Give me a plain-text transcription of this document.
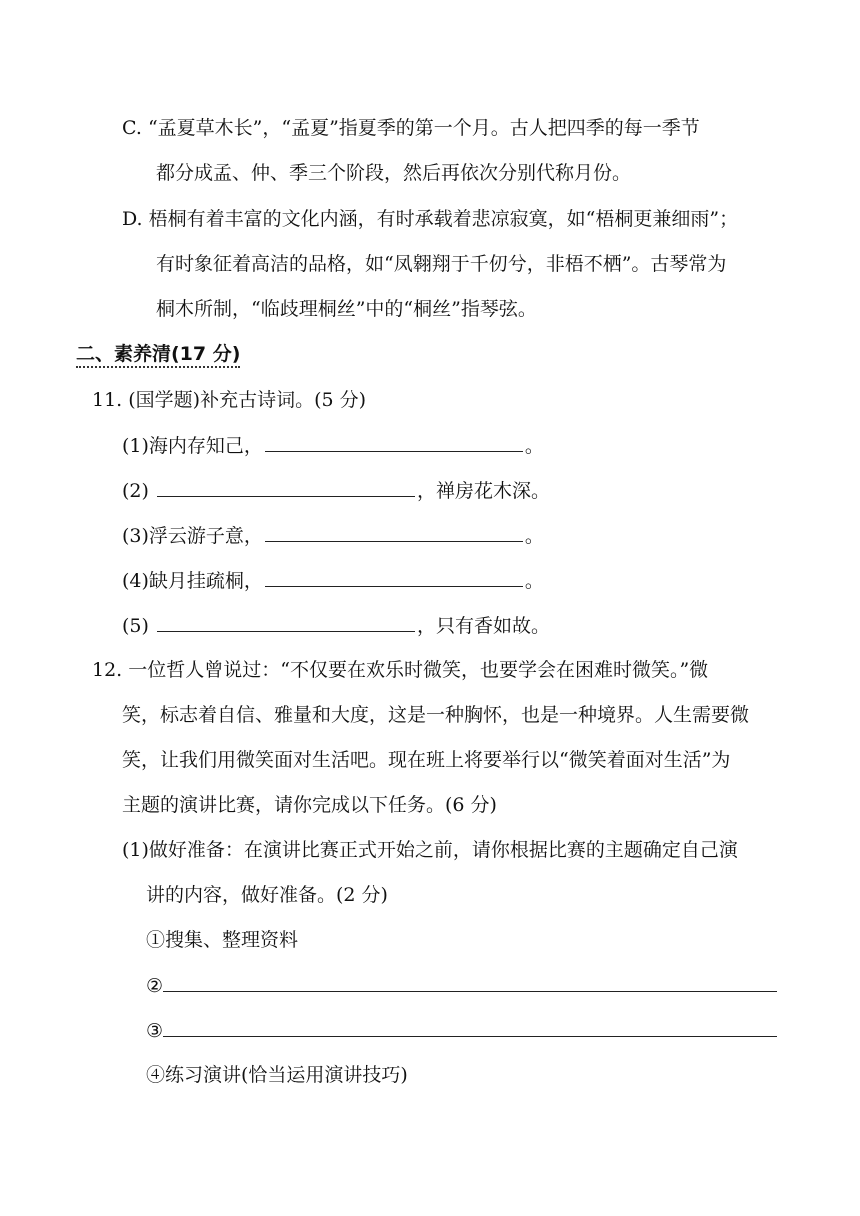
C. “孟夏草木长”，“孟夏”指夏季的第一个月。古人把四季的每一季节
都分成孟、仲、季三个阶段，然后再依次分别代称月份。
D. 梧桐有着丰富的文化内涵，有时承载着悲凉寂寞，如“梧桐更兼细雨”；
有时象征着高洁的品格，如“凤翱翔于千仞兮，非梧不栖”。古琴常为
桐木所制，“临歧理桐丝”中的“桐丝”指琴弦。
二、素养清(17 分)
11. (国学题)补充古诗词。(5 分)
(1)海内存知己，	。
(2)	，禅房花木深。
(3)浮云游子意，	。
(4)缺月挂疏桐，	。
(5)	，只有香如故。
12. 一位哲人曾说过：“不仅要在欢乐时微笑，也要学会在困难时微笑。”微
笑，标志着自信、雅量和大度，这是一种胸怀，也是一种境界。人生需要微
笑，让我们用微笑面对生活吧。现在班上将要举行以“微笑着面对生活”为
主题的演讲比赛，请你完成以下任务。(6 分)
(1)做好准备：在演讲比赛正式开始之前，请你根据比赛的主题确定自己演
讲的内容，做好准备。(2 分)
①搜集、整理资料
②
③
④练习演讲(恰当运用演讲技巧)
